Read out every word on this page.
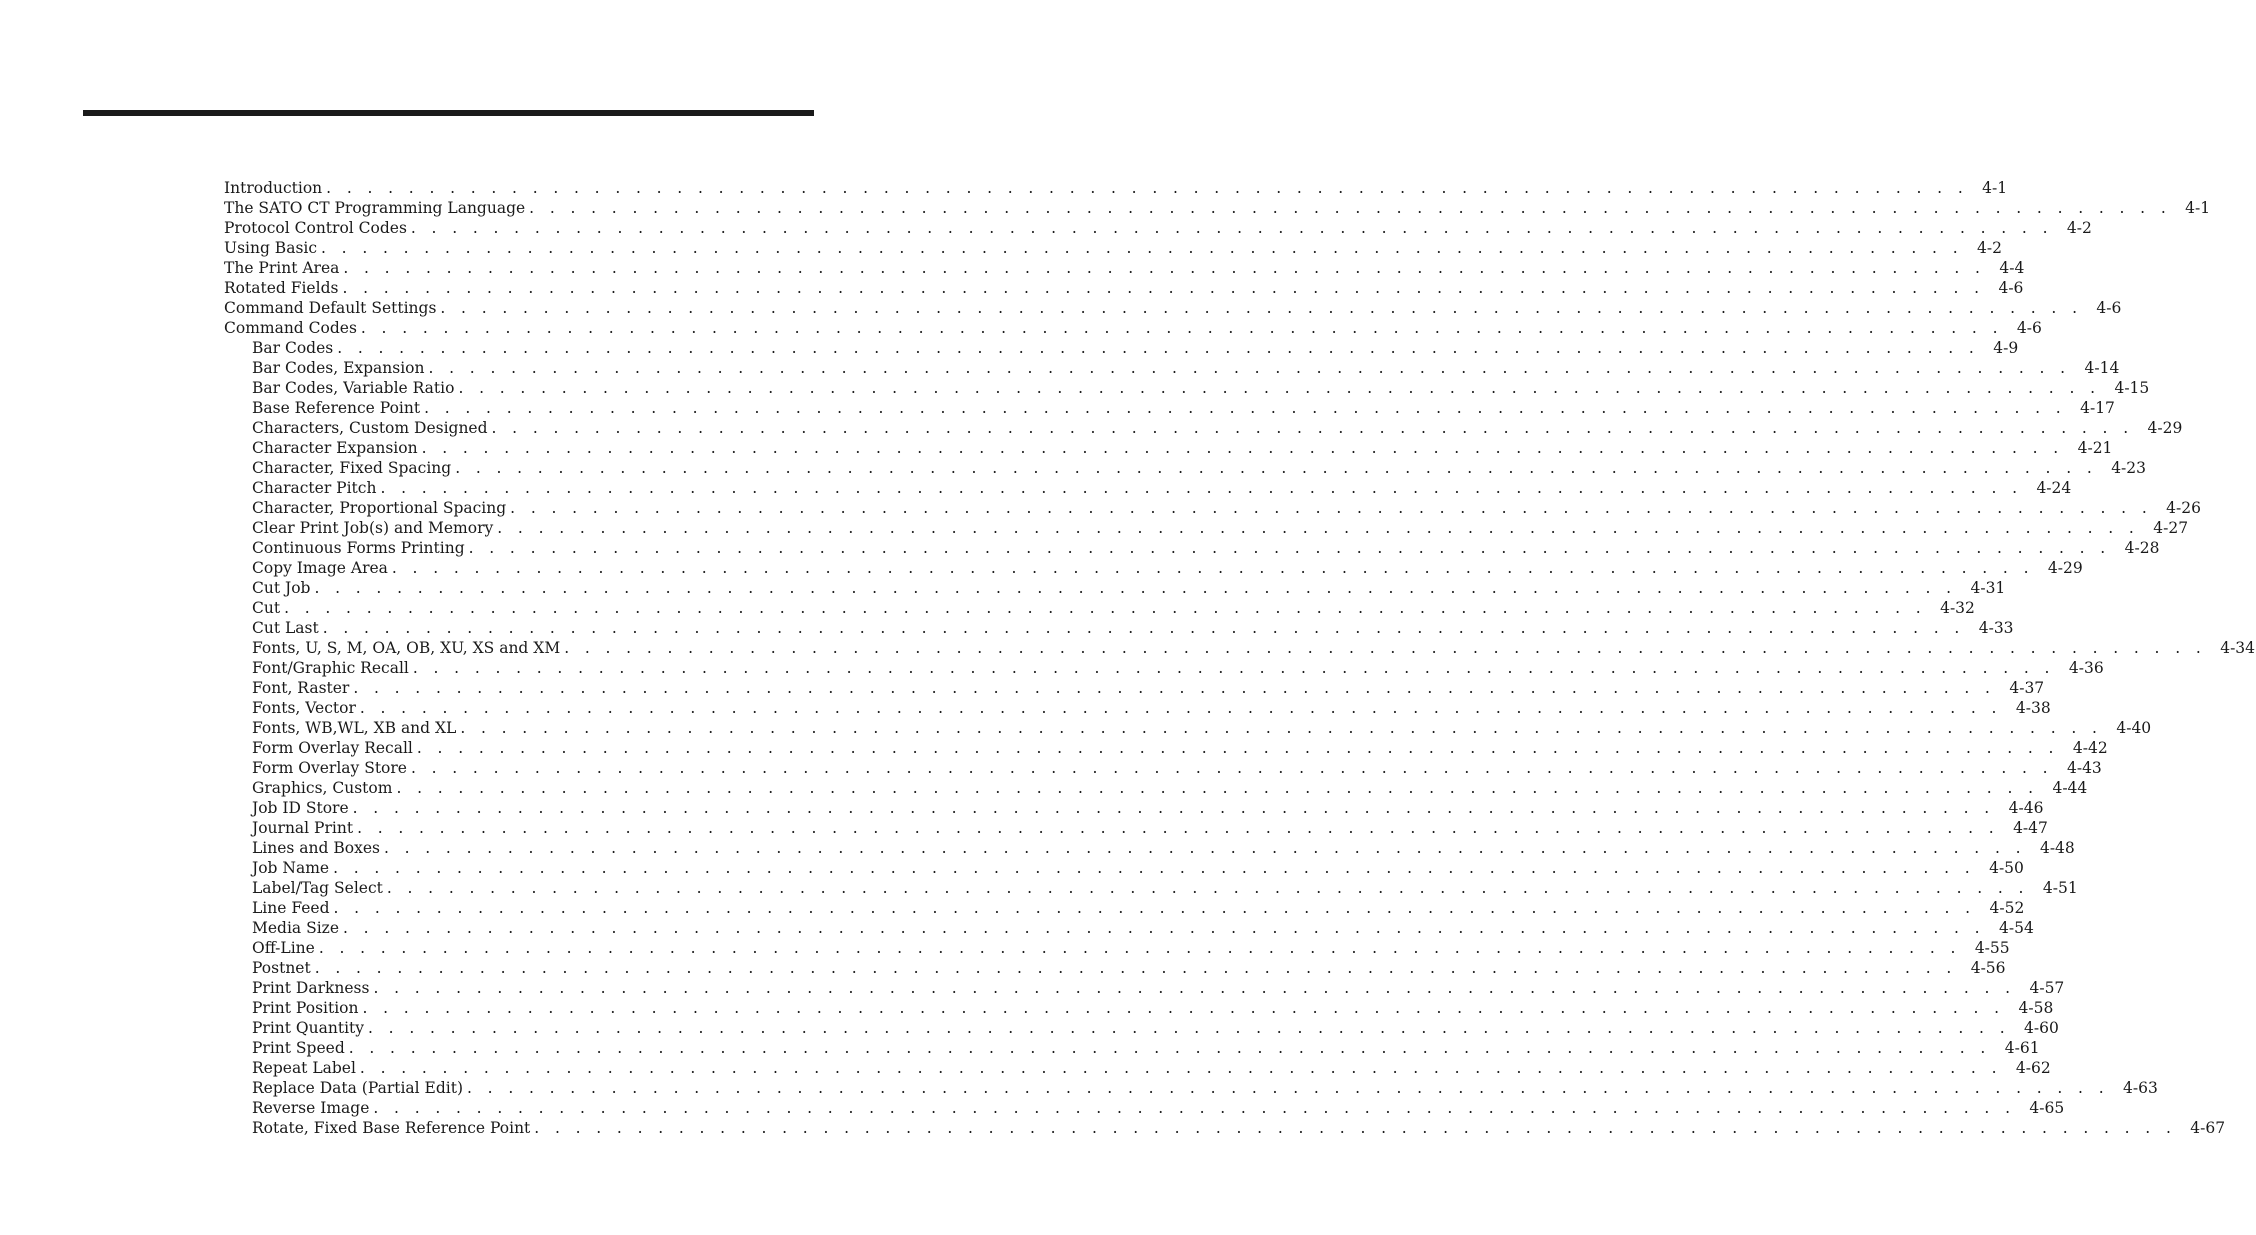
Introduction . . . . . . . . . . . . . . . . . . . . . . . . . . . . . . . . . . . . . . . . . . . . . . . . . . . . . . . . . . . . . . . . . . . . . . . . . . . . . . . . 4-1
The SATO CT Programming Language . . . . . . . . . . . . . . . . . . . . . . . . . . . . . . . . . . . . . . . . . . . . . . . . . . . . . . . . . . . . . . . . . . . . . . . . . . . . . . . . 4-1
Protocol Control Codes . . . . . . . . . . . . . . . . . . . . . . . . . . . . . . . . . . . . . . . . . . . . . . . . . . . . . . . . . . . . . . . . . . . . . . . . . . . . . . . . 4-2
Using Basic . . . . . . . . . . . . . . . . . . . . . . . . . . . . . . . . . . . . . . . . . . . . . . . . . . . . . . . . . . . . . . . . . . . . . . . . . . . . . . . . 4-2
The Print Area . . . . . . . . . . . . . . . . . . . . . . . . . . . . . . . . . . . . . . . . . . . . . . . . . . . . . . . . . . . . . . . . . . . . . . . . . . . . . . . . 4-4
Rotated Fields . . . . . . . . . . . . . . . . . . . . . . . . . . . . . . . . . . . . . . . . . . . . . . . . . . . . . . . . . . . . . . . . . . . . . . . . . . . . . . . . 4-6
Command Default Settings . . . . . . . . . . . . . . . . . . . . . . . . . . . . . . . . . . . . . . . . . . . . . . . . . . . . . . . . . . . . . . . . . . . . . . . . . . . . . . . . 4-6
Command Codes . . . . . . . . . . . . . . . . . . . . . . . . . . . . . . . . . . . . . . . . . . . . . . . . . . . . . . . . . . . . . . . . . . . . . . . . . . . . . . . . 4-6
Bar Codes . . . . . . . . . . . . . . . . . . . . . . . . . . . . . . . . . . . . . . . . . . . . . . . . . . . . . . . . . . . . . . . . . . . . . . . . . . . . . . . . 4-9
Bar Codes, Expansion . . . . . . . . . . . . . . . . . . . . . . . . . . . . . . . . . . . . . . . . . . . . . . . . . . . . . . . . . . . . . . . . . . . . . . . . . . . . . . . . 4-14
Bar Codes, Variable Ratio . . . . . . . . . . . . . . . . . . . . . . . . . . . . . . . . . . . . . . . . . . . . . . . . . . . . . . . . . . . . . . . . . . . . . . . . . . . . . . . . 4-15
Base Reference Point . . . . . . . . . . . . . . . . . . . . . . . . . . . . . . . . . . . . . . . . . . . . . . . . . . . . . . . . . . . . . . . . . . . . . . . . . . . . . . . . 4-17
Characters, Custom Designed . . . . . . . . . . . . . . . . . . . . . . . . . . . . . . . . . . . . . . . . . . . . . . . . . . . . . . . . . . . . . . . . . . . . . . . . . . . . . . . . 4-29
Character Expansion . . . . . . . . . . . . . . . . . . . . . . . . . . . . . . . . . . . . . . . . . . . . . . . . . . . . . . . . . . . . . . . . . . . . . . . . . . . . . . . . 4-21
Character, Fixed Spacing . . . . . . . . . . . . . . . . . . . . . . . . . . . . . . . . . . . . . . . . . . . . . . . . . . . . . . . . . . . . . . . . . . . . . . . . . . . . . . . . 4-23
Character Pitch . . . . . . . . . . . . . . . . . . . . . . . . . . . . . . . . . . . . . . . . . . . . . . . . . . . . . . . . . . . . . . . . . . . . . . . . . . . . . . . . 4-24
Character, Proportional Spacing . . . . . . . . . . . . . . . . . . . . . . . . . . . . . . . . . . . . . . . . . . . . . . . . . . . . . . . . . . . . . . . . . . . . . . . . . . . . . . . . 4-26
Clear Print Job(s) and Memory . . . . . . . . . . . . . . . . . . . . . . . . . . . . . . . . . . . . . . . . . . . . . . . . . . . . . . . . . . . . . . . . . . . . . . . . . . . . . . . . 4-27
Continuous Forms Printing . . . . . . . . . . . . . . . . . . . . . . . . . . . . . . . . . . . . . . . . . . . . . . . . . . . . . . . . . . . . . . . . . . . . . . . . . . . . . . . . 4-28
Copy Image Area . . . . . . . . . . . . . . . . . . . . . . . . . . . . . . . . . . . . . . . . . . . . . . . . . . . . . . . . . . . . . . . . . . . . . . . . . . . . . . . . 4-29
Cut Job . . . . . . . . . . . . . . . . . . . . . . . . . . . . . . . . . . . . . . . . . . . . . . . . . . . . . . . . . . . . . . . . . . . . . . . . . . . . . . . . 4-31
Cut . . . . . . . . . . . . . . . . . . . . . . . . . . . . . . . . . . . . . . . . . . . . . . . . . . . . . . . . . . . . . . . . . . . . . . . . . . . . . . . . 4-32
Cut Last . . . . . . . . . . . . . . . . . . . . . . . . . . . . . . . . . . . . . . . . . . . . . . . . . . . . . . . . . . . . . . . . . . . . . . . . . . . . . . . . 4-33
Fonts, U, S, M, OA, OB, XU, XS and XM . . . . . . . . . . . . . . . . . . . . . . . . . . . . . . . . . . . . . . . . . . . . . . . . . . . . . . . . . . . . . . . . . . . . . . . . . . . . . . . . 4-34
Font/Graphic Recall . . . . . . . . . . . . . . . . . . . . . . . . . . . . . . . . . . . . . . . . . . . . . . . . . . . . . . . . . . . . . . . . . . . . . . . . . . . . . . . . 4-36
Font, Raster . . . . . . . . . . . . . . . . . . . . . . . . . . . . . . . . . . . . . . . . . . . . . . . . . . . . . . . . . . . . . . . . . . . . . . . . . . . . . . . . 4-37
Fonts, Vector . . . . . . . . . . . . . . . . . . . . . . . . . . . . . . . . . . . . . . . . . . . . . . . . . . . . . . . . . . . . . . . . . . . . . . . . . . . . . . . . 4-38
Fonts, WB,WL, XB and XL . . . . . . . . . . . . . . . . . . . . . . . . . . . . . . . . . . . . . . . . . . . . . . . . . . . . . . . . . . . . . . . . . . . . . . . . . . . . . . . . 4-40
Form Overlay Recall . . . . . . . . . . . . . . . . . . . . . . . . . . . . . . . . . . . . . . . . . . . . . . . . . . . . . . . . . . . . . . . . . . . . . . . . . . . . . . . . 4-42
Form Overlay Store . . . . . . . . . . . . . . . . . . . . . . . . . . . . . . . . . . . . . . . . . . . . . . . . . . . . . . . . . . . . . . . . . . . . . . . . . . . . . . . . 4-43
Graphics, Custom . . . . . . . . . . . . . . . . . . . . . . . . . . . . . . . . . . . . . . . . . . . . . . . . . . . . . . . . . . . . . . . . . . . . . . . . . . . . . . . . 4-44
Job ID Store . . . . . . . . . . . . . . . . . . . . . . . . . . . . . . . . . . . . . . . . . . . . . . . . . . . . . . . . . . . . . . . . . . . . . . . . . . . . . . . . 4-46
Journal Print . . . . . . . . . . . . . . . . . . . . . . . . . . . . . . . . . . . . . . . . . . . . . . . . . . . . . . . . . . . . . . . . . . . . . . . . . . . . . . . . 4-47
Lines and Boxes . . . . . . . . . . . . . . . . . . . . . . . . . . . . . . . . . . . . . . . . . . . . . . . . . . . . . . . . . . . . . . . . . . . . . . . . . . . . . . . . 4-48
Job Name . . . . . . . . . . . . . . . . . . . . . . . . . . . . . . . . . . . . . . . . . . . . . . . . . . . . . . . . . . . . . . . . . . . . . . . . . . . . . . . . 4-50
Label/Tag Select . . . . . . . . . . . . . . . . . . . . . . . . . . . . . . . . . . . . . . . . . . . . . . . . . . . . . . . . . . . . . . . . . . . . . . . . . . . . . . . . 4-51
Line Feed . . . . . . . . . . . . . . . . . . . . . . . . . . . . . . . . . . . . . . . . . . . . . . . . . . . . . . . . . . . . . . . . . . . . . . . . . . . . . . . . 4-52
Media Size . . . . . . . . . . . . . . . . . . . . . . . . . . . . . . . . . . . . . . . . . . . . . . . . . . . . . . . . . . . . . . . . . . . . . . . . . . . . . . . . 4-54
Off-Line . . . . . . . . . . . . . . . . . . . . . . . . . . . . . . . . . . . . . . . . . . . . . . . . . . . . . . . . . . . . . . . . . . . . . . . . . . . . . . . . 4-55
Postnet . . . . . . . . . . . . . . . . . . . . . . . . . . . . . . . . . . . . . . . . . . . . . . . . . . . . . . . . . . . . . . . . . . . . . . . . . . . . . . . . 4-56
Print Darkness . . . . . . . . . . . . . . . . . . . . . . . . . . . . . . . . . . . . . . . . . . . . . . . . . . . . . . . . . . . . . . . . . . . . . . . . . . . . . . . . 4-57
Print Position . . . . . . . . . . . . . . . . . . . . . . . . . . . . . . . . . . . . . . . . . . . . . . . . . . . . . . . . . . . . . . . . . . . . . . . . . . . . . . . . 4-58
Print Quantity . . . . . . . . . . . . . . . . . . . . . . . . . . . . . . . . . . . . . . . . . . . . . . . . . . . . . . . . . . . . . . . . . . . . . . . . . . . . . . . . 4-60
Print Speed . . . . . . . . . . . . . . . . . . . . . . . . . . . . . . . . . . . . . . . . . . . . . . . . . . . . . . . . . . . . . . . . . . . . . . . . . . . . . . . . 4-61
Repeat Label . . . . . . . . . . . . . . . . . . . . . . . . . . . . . . . . . . . . . . . . . . . . . . . . . . . . . . . . . . . . . . . . . . . . . . . . . . . . . . . . 4-62
Replace Data (Partial Edit) . . . . . . . . . . . . . . . . . . . . . . . . . . . . . . . . . . . . . . . . . . . . . . . . . . . . . . . . . . . . . . . . . . . . . . . . . . . . . . . . 4-63
Reverse Image . . . . . . . . . . . . . . . . . . . . . . . . . . . . . . . . . . . . . . . . . . . . . . . . . . . . . . . . . . . . . . . . . . . . . . . . . . . . . . . . 4-65
Rotate, Fixed Base Reference Point . . . . . . . . . . . . . . . . . . . . . . . . . . . . . . . . . . . . . . . . . . . . . . . . . . . . . . . . . . . . . . . . . . . . . . . . . . . . . . . . 4-67
